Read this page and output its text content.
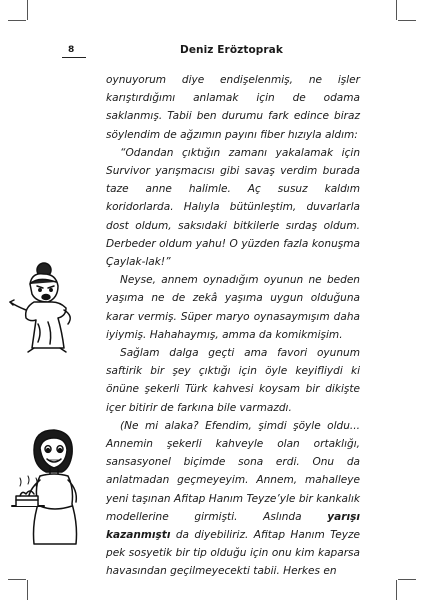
8	Deniz Eröztoprak

oynuyorum diye endişelenmiş, ne işler karıştırdığımı anlamak için de odama saklanmış. Tabii ben durumu fark edince biraz söylendim de ağzımın payını fiber hızıyla aldım:

“Odandan çıktığın zamanı yakalamak için Survivor yarışmacısı gibi savaş verdim burada taze anne halimle. Aç susuz kaldım koridorlarda. Halıyla bütünleştim, duvarlarla dost oldum, saksıdaki bitkilerle sırdaş oldum. Derbeder oldum yahu! O yüzden fazla konuşma Çaylak-lak!”

Neyse, annem oynadığım oyunun ne beden yaşıma ne de zekâ yaşıma uygun olduğuna karar vermiş. Süper maryo oynasaymışım daha iyiymiş. Hahahaymış, amma da komikmişim.

Sağlam dalga geçti ama favori oyunum saftirik bir şey çıktığı için öyle keyifliydi ki önüne şekerli Türk kahvesi koysam bir dikişte içer bitirir de farkına bile varmazdı.

(Ne mi alaka? Efendim, şimdi şöyle oldu... Annemin şekerli kahveyle olan ortaklığı, sansasyonel biçimde sona erdi. Onu da anlatmadan geçmeyeyim. Annem, mahalleye yeni taşınan Afitap Hanım Teyze’yle bir kankalık modellerine girmişti. Aslında yarışı kazanmıştı da diyebiliriz. Afitap Hanım Teyze pek sosyetik bir tip olduğu için onu kim kaparsa havasından geçilmeyecekti tabii. Herkes en
